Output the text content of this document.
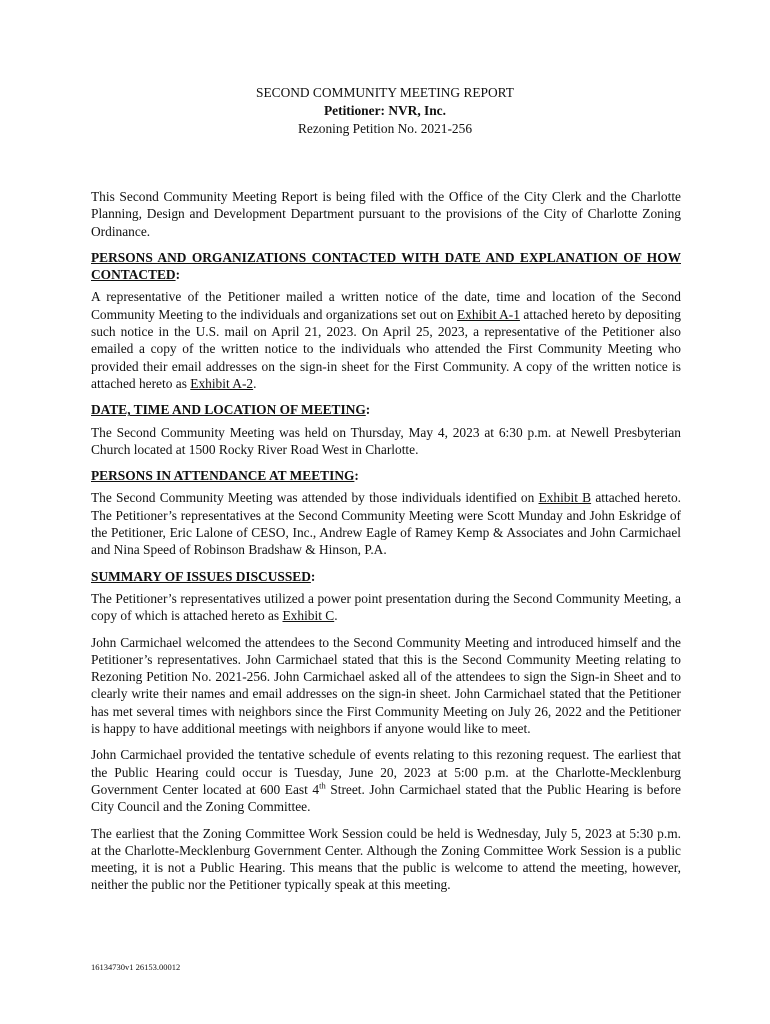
SECOND COMMUNITY MEETING REPORT
Petitioner: NVR, Inc.
Rezoning Petition No. 2021-256

This Second Community Meeting Report is being filed with the Office of the City Clerk and the Charlotte Planning, Design and Development Department pursuant to the provisions of the City of Charlotte Zoning Ordinance.

PERSONS AND ORGANIZATIONS CONTACTED WITH DATE AND EXPLANATION OF HOW CONTACTED:

A representative of the Petitioner mailed a written notice of the date, time and location of the Second Community Meeting to the individuals and organizations set out on Exhibit A-1 attached hereto by depositing such notice in the U.S. mail on April 21, 2023. On April 25, 2023, a representative of the Petitioner also emailed a copy of the written notice to the individuals who attended the First Community Meeting who provided their email addresses on the sign-in sheet for the First Community. A copy of the written notice is attached hereto as Exhibit A-2.

DATE, TIME AND LOCATION OF MEETING:

The Second Community Meeting was held on Thursday, May 4, 2023 at 6:30 p.m. at Newell Presbyterian Church located at 1500 Rocky River Road West in Charlotte.

PERSONS IN ATTENDANCE AT MEETING:

The Second Community Meeting was attended by those individuals identified on Exhibit B attached hereto. The Petitioner’s representatives at the Second Community Meeting were Scott Munday and John Eskridge of the Petitioner, Eric Lalone of CESO, Inc., Andrew Eagle of Ramey Kemp & Associates and John Carmichael and Nina Speed of Robinson Bradshaw & Hinson, P.A.

SUMMARY OF ISSUES DISCUSSED:

The Petitioner’s representatives utilized a power point presentation during the Second Community Meeting, a copy of which is attached hereto as Exhibit C.

John Carmichael welcomed the attendees to the Second Community Meeting and introduced himself and the Petitioner’s representatives. John Carmichael stated that this is the Second Community Meeting relating to Rezoning Petition No. 2021-256. John Carmichael asked all of the attendees to sign the Sign-in Sheet and to clearly write their names and email addresses on the sign-in sheet. John Carmichael stated that the Petitioner has met several times with neighbors since the First Community Meeting on July 26, 2022 and the Petitioner is happy to have additional meetings with neighbors if anyone would like to meet.

John Carmichael provided the tentative schedule of events relating to this rezoning request. The earliest that the Public Hearing could occur is Tuesday, June 20, 2023 at 5:00 p.m. at the Charlotte-Mecklenburg Government Center located at 600 East 4th Street. John Carmichael stated that the Public Hearing is before City Council and the Zoning Committee.

The earliest that the Zoning Committee Work Session could be held is Wednesday, July 5, 2023 at 5:30 p.m. at the Charlotte-Mecklenburg Government Center. Although the Zoning Committee Work Session is a public meeting, it is not a Public Hearing. This means that the public is welcome to attend the meeting, however, neither the public nor the Petitioner typically speak at this meeting.

16134730v1 26153.00012
